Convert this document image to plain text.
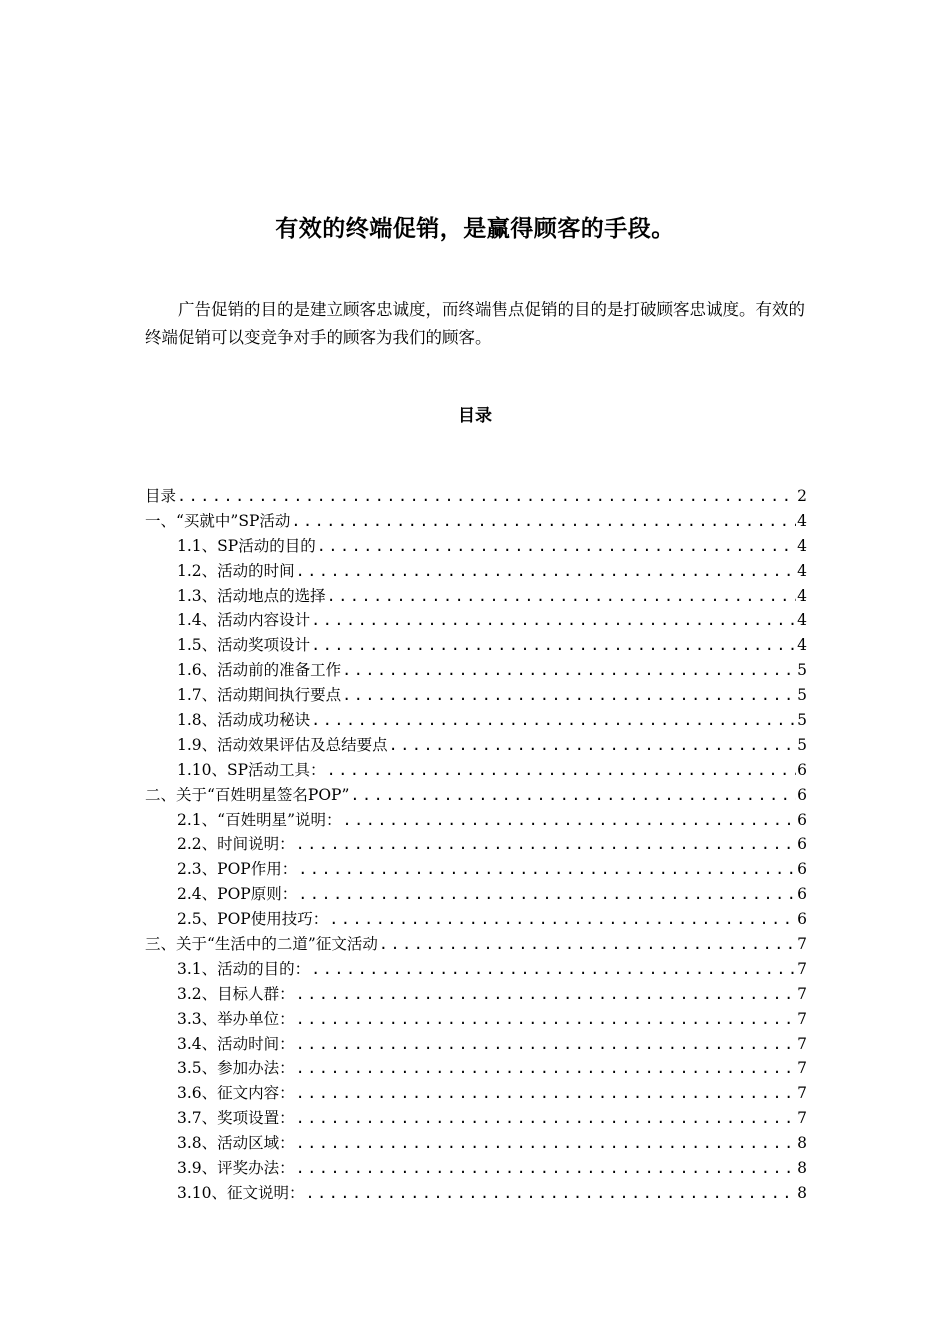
有效的终端促销，是赢得顾客的手段。
广告促销的目的是建立顾客忠诚度，而终端售点促销的目的是打破顾客忠诚度。有效的终端促销可以变竞争对手的顾客为我们的顾客。
目录
目录 .....	2
一、“买就中”SP活动 .....	4
1.1、SP活动的目的 .....	4
1.2、活动的时间 .....	4
1.3、活动地点的选择 .....	4
1.4、活动内容设计 .....	4
1.5、活动奖项设计 .....	4
1.6、活动前的准备工作 .....	5
1.7、活动期间执行要点 .....	5
1.8、活动成功秘诀 .....	5
1.9、活动效果评估及总结要点 .....	5
1.10、SP活动工具： .....	6
二、关于“百姓明星签名POP” .....	6
2.1、“百姓明星”说明： .....	6
2.2、时间说明： .....	6
2.3、POP作用： .....	6
2.4、POP原则： .....	6
2.5、POP使用技巧： .....	6
三、关于“生活中的二道”征文活动 .....	7
3.1、活动的目的： .....	7
3.2、目标人群： .....	7
3.3、举办单位： .....	7
3.4、活动时间： .....	7
3.5、参加办法： .....	7
3.6、征文内容： .....	7
3.7、奖项设置： .....	7
3.8、活动区域： .....	8
3.9、评奖办法： .....	8
3.10、征文说明： .....	8
